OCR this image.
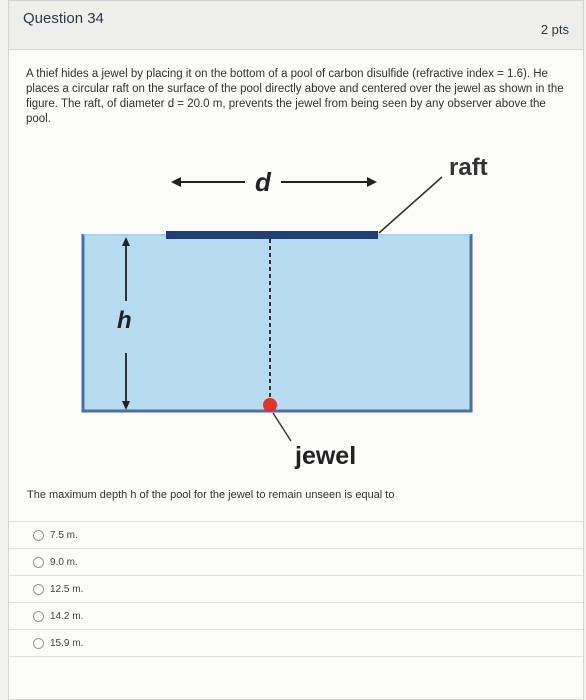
Question 34
2 pts
A thief hides a jewel by placing it on the bottom of a pool of carbon disulfide (refractive index = 1.6). He places a circular raft on the surface of the pool directly above and centered over the jewel as shown in the figure. The raft, of diameter d = 20.0 m, prevents the jewel from being seen by any observer above the pool.
raft
d
h
jewel
The maximum depth h of the pool for the jewel to remain unseen is equal to
7.5 m.
9.0 m.
12.5 m.
14.2 m.
15.9 m.
